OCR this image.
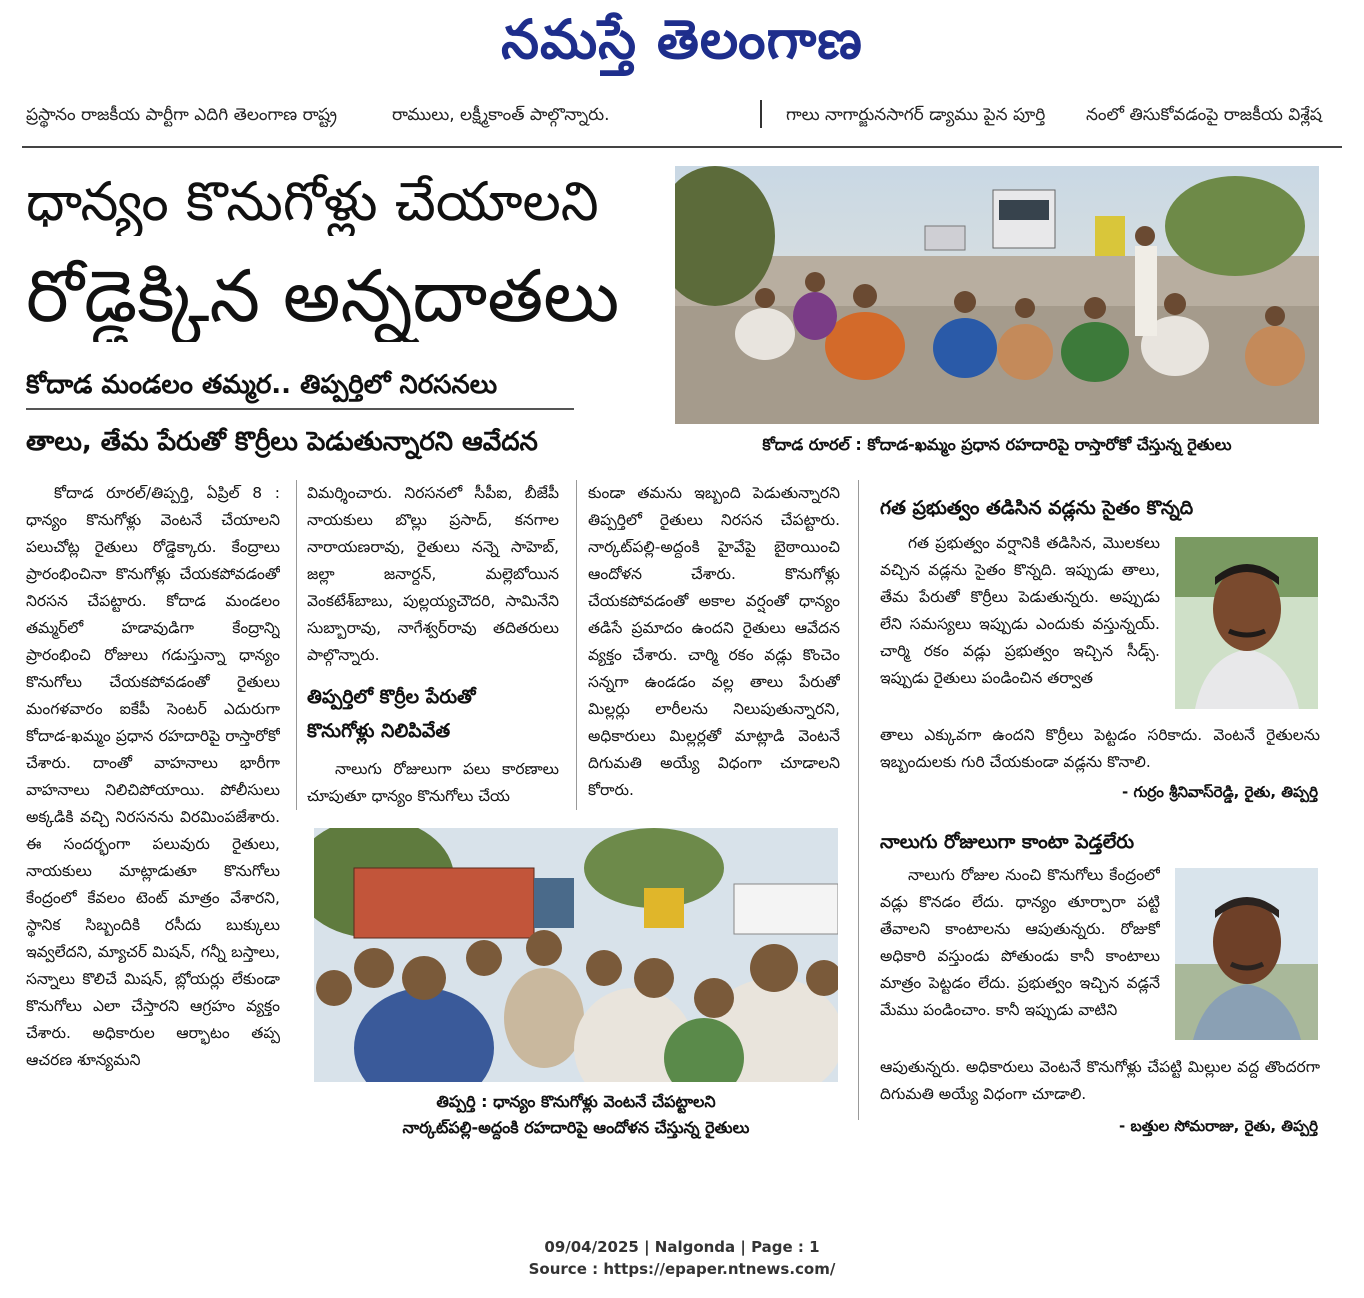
నమస్తే తెలంగాణ
ప్రస్థానం రాజకీయ పార్టీగా ఎదిగి తెలంగాణ రాష్ట్ర	రాములు, లక్ష్మీకాంత్ పాల్గొన్నారు.	గాలు నాగార్జునసాగర్ డ్యాము పైన పూర్తి	నంలో తిసుకోవడంపై రాజకీయ విశ్లేష
ధాన్యం కొనుగోళ్లు చేయాలని
రోడ్డెక్కిన అన్నదాతలు
కోదాడ మండలం తమ్మర.. తిప్పర్తిలో నిరసనలు
తాలు, తేమ పేరుతో కొర్రీలు పెడుతున్నారని ఆవేదన	కోదాడ రూరల్ : కోదాడ-ఖమ్మం ప్రధాన రహదారిపై రాస్తారోకో చేస్తున్న రైతులు

కోదాడ రూరల్/తిప్పర్తి, ఏప్రిల్ 8 : ధాన్యం కొనుగోళ్లు వెంటనే చేయాలని పలుచోట్ల రైతులు రోడ్డెక్కారు. కేంద్రాలు ప్రారంభించినా కొనుగోళ్లు చేయకపోవడంతో నిరసన చేపట్టారు. కోదాడ మండలం తమ్మర్‌లో హడావుడిగా కేంద్రాన్ని ప్రారంభించి రోజులు గడుస్తున్నా ధాన్యం కొనుగోలు చేయకపోవడంతో రైతులు మంగళవారం ఐకేపీ సెంటర్ ఎదురుగా కోదాడ-ఖమ్మం ప్రధాన రహదారిపై రాస్తారోకో చేశారు. దాంతో వాహనాలు భారీగా వాహనాలు నిలిచిపోయాయి. పోలీసులు అక్కడికి వచ్చి నిరసనను విరమింపజేశారు. ఈ సందర్భంగా పలువురు రైతులు, నాయకులు మాట్లాడుతూ కొనుగోలు కేంద్రంలో కేవలం టెంట్ మాత్రం వేశారని, స్థానిక సిబ్బందికి రసీదు బుక్కులు ఇవ్వలేదని, మ్యాచర్ మిషన్, గన్నీ బస్తాలు, సన్నాలు కొలిచే మిషన్, బ్లోయర్లు లేకుండా కొనుగోలు ఎలా చేస్తారని ఆగ్రహం వ్యక్తం చేశారు. అధికారుల ఆర్భాటం తప్ప ఆచరణ శూన్యమని

విమర్శించారు. నిరసనలో సీపీఐ, బీజేపీ నాయకులు బొల్లు ప్రసాద్, కనగాల నారాయణరావు, రైతులు నన్నె సాహెబ్, జల్లా జనార్దన్, మల్లెబోయిన వెంకటేశ్‌బాబు, పుల్లయ్యచౌదరి, సామినేని సుబ్బారావు, నాగేశ్వర్‌రావు తదితరులు పాల్గొన్నారు.

తిప్పర్తిలో కొర్రీల పేరుతో
కొనుగోళ్లు నిలిపివేత

నాలుగు రోజులుగా పలు కారణాలు చూపుతూ ధాన్యం కొనుగోలు చేయ

కుండా తమను ఇబ్బంది పెడుతున్నారని తిప్పర్తిలో రైతులు నిరసన చేపట్టారు. నార్కట్‌పల్లి-అద్దంకి హైవేపై బైఠాయించి ఆందోళన చేశారు. కొనుగోళ్లు చేయకపోవడంతో అకాల వర్షంతో ధాన్యం తడిసే ప్రమాదం ఉందని రైతులు ఆవేదన వ్యక్తం చేశారు. చార్మి రకం వడ్లు కొంచెం సన్నగా ఉండడం వల్ల తాలు పేరుతో మిల్లర్లు లారీలను నిలుపుతున్నారని, అధికారులు మిల్లర్లతో మాట్లాడి వెంటనే దిగుమతి అయ్యే విధంగా చూడాలని కోరారు.

తిప్పర్తి : ధాన్యం కొనుగోళ్లు వెంటనే చేపట్టాలని
నార్కట్‌పల్లి-అద్దంకి రహదారిపై ఆందోళన చేస్తున్న రైతులు
గత ప్రభుత్వం తడిసిన వడ్లను సైతం కొన్నది

గత ప్రభుత్వం వర్షానికి తడిసిన, మొలకలు వచ్చిన వడ్లను సైతం కొన్నది. ఇప్పుడు తాలు, తేమ పేరుతో కొర్రీలు పెడుతున్నరు. అప్పుడు లేని సమస్యలు ఇప్పుడు ఎందుకు వస్తున్నయ్. చార్మి రకం వడ్లు ప్రభుత్వం ఇచ్చిన సీడ్స్. ఇప్పుడు రైతులు పండించిన తర్వాత

తాలు ఎక్కువగా ఉందని కొర్రీలు పెట్టడం సరికాదు. వెంటనే రైతులను ఇబ్బందులకు గురి చేయకుండా వడ్లను కొనాలి.

- గుర్రం శ్రీనివాస్‌రెడ్డి, రైతు, తిప్పర్తి
నాలుగు రోజులుగా కాంటా పెడ్తలేరు

నాలుగు రోజుల నుంచి కొనుగోలు కేంద్రంలో వడ్లు కొనడం లేదు. ధాన్యం తూర్పారా పట్టి తేవాలని కాంటాలను ఆపుతున్నరు. రోజుకో అధికారి వస్తుండు పోతుండు కానీ కాంటాలు మాత్రం పెట్టడం లేదు. ప్రభుత్వం ఇచ్చిన వడ్లనే మేము పండించాం. కానీ ఇప్పుడు వాటిని

ఆపుతున్నరు. అధికారులు వెంటనే కొనుగోళ్లు చేపట్టి మిల్లుల వద్ద తొందరగా దిగుమతి అయ్యే విధంగా చూడాలి.

- బత్తుల సోమరాజు, రైతు, తిప్పర్తి
09/04/2025 | Nalgonda | Page : 1
Source : https://epaper.ntnews.com/
